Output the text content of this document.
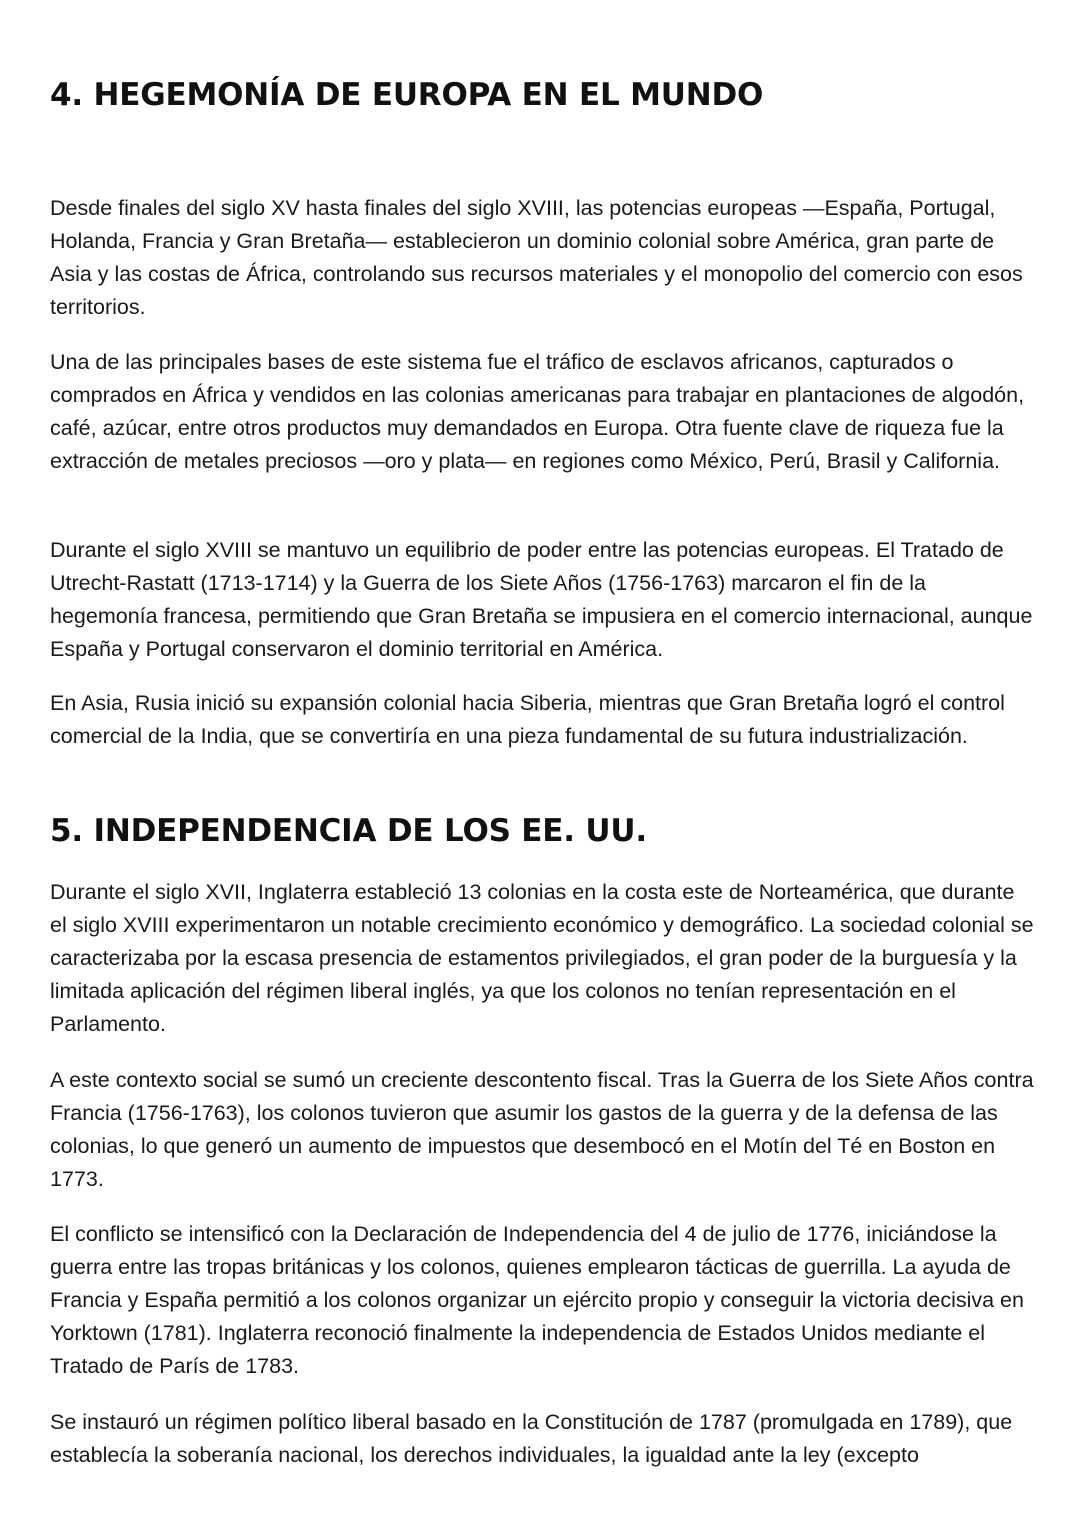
4. HEGEMONÍA DE EUROPA EN EL MUNDO

Desde finales del siglo XV hasta finales del siglo XVIII, las potencias europeas —España, Portugal, Holanda, Francia y Gran Bretaña— establecieron un dominio colonial sobre América, gran parte de Asia y las costas de África, controlando sus recursos materiales y el monopolio del comercio con esos territorios.

Una de las principales bases de este sistema fue el tráfico de esclavos africanos, capturados o comprados en África y vendidos en las colonias americanas para trabajar en plantaciones de algodón, café, azúcar, entre otros productos muy demandados en Europa. Otra fuente clave de riqueza fue la extracción de metales preciosos —oro y plata— en regiones como México, Perú, Brasil y California.

Durante el siglo XVIII se mantuvo un equilibrio de poder entre las potencias europeas. El Tratado de Utrecht-Rastatt (1713-1714) y la Guerra de los Siete Años (1756-1763) marcaron el fin de la hegemonía francesa, permitiendo que Gran Bretaña se impusiera en el comercio internacional, aunque España y Portugal conservaron el dominio territorial en América.

En Asia, Rusia inició su expansión colonial hacia Siberia, mientras que Gran Bretaña logró el control comercial de la India, que se convertiría en una pieza fundamental de su futura industrialización.

5. INDEPENDENCIA DE LOS EE. UU.

Durante el siglo XVII, Inglaterra estableció 13 colonias en la costa este de Norteamérica, que durante el siglo XVIII experimentaron un notable crecimiento económico y demográfico. La sociedad colonial se caracterizaba por la escasa presencia de estamentos privilegiados, el gran poder de la burguesía y la limitada aplicación del régimen liberal inglés, ya que los colonos no tenían representación en el Parlamento.

A este contexto social se sumó un creciente descontento fiscal. Tras la Guerra de los Siete Años contra Francia (1756-1763), los colonos tuvieron que asumir los gastos de la guerra y de la defensa de las colonias, lo que generó un aumento de impuestos que desembocó en el Motín del Té en Boston en 1773.

El conflicto se intensificó con la Declaración de Independencia del 4 de julio de 1776, iniciándose la guerra entre las tropas británicas y los colonos, quienes emplearon tácticas de guerrilla. La ayuda de Francia y España permitió a los colonos organizar un ejército propio y conseguir la victoria decisiva en Yorktown (1781). Inglaterra reconoció finalmente la independencia de Estados Unidos mediante el Tratado de París de 1783.

Se instauró un régimen político liberal basado en la Constitución de 1787 (promulgada en 1789), que establecía la soberanía nacional, los derechos individuales, la igualdad ante la ley (excepto
